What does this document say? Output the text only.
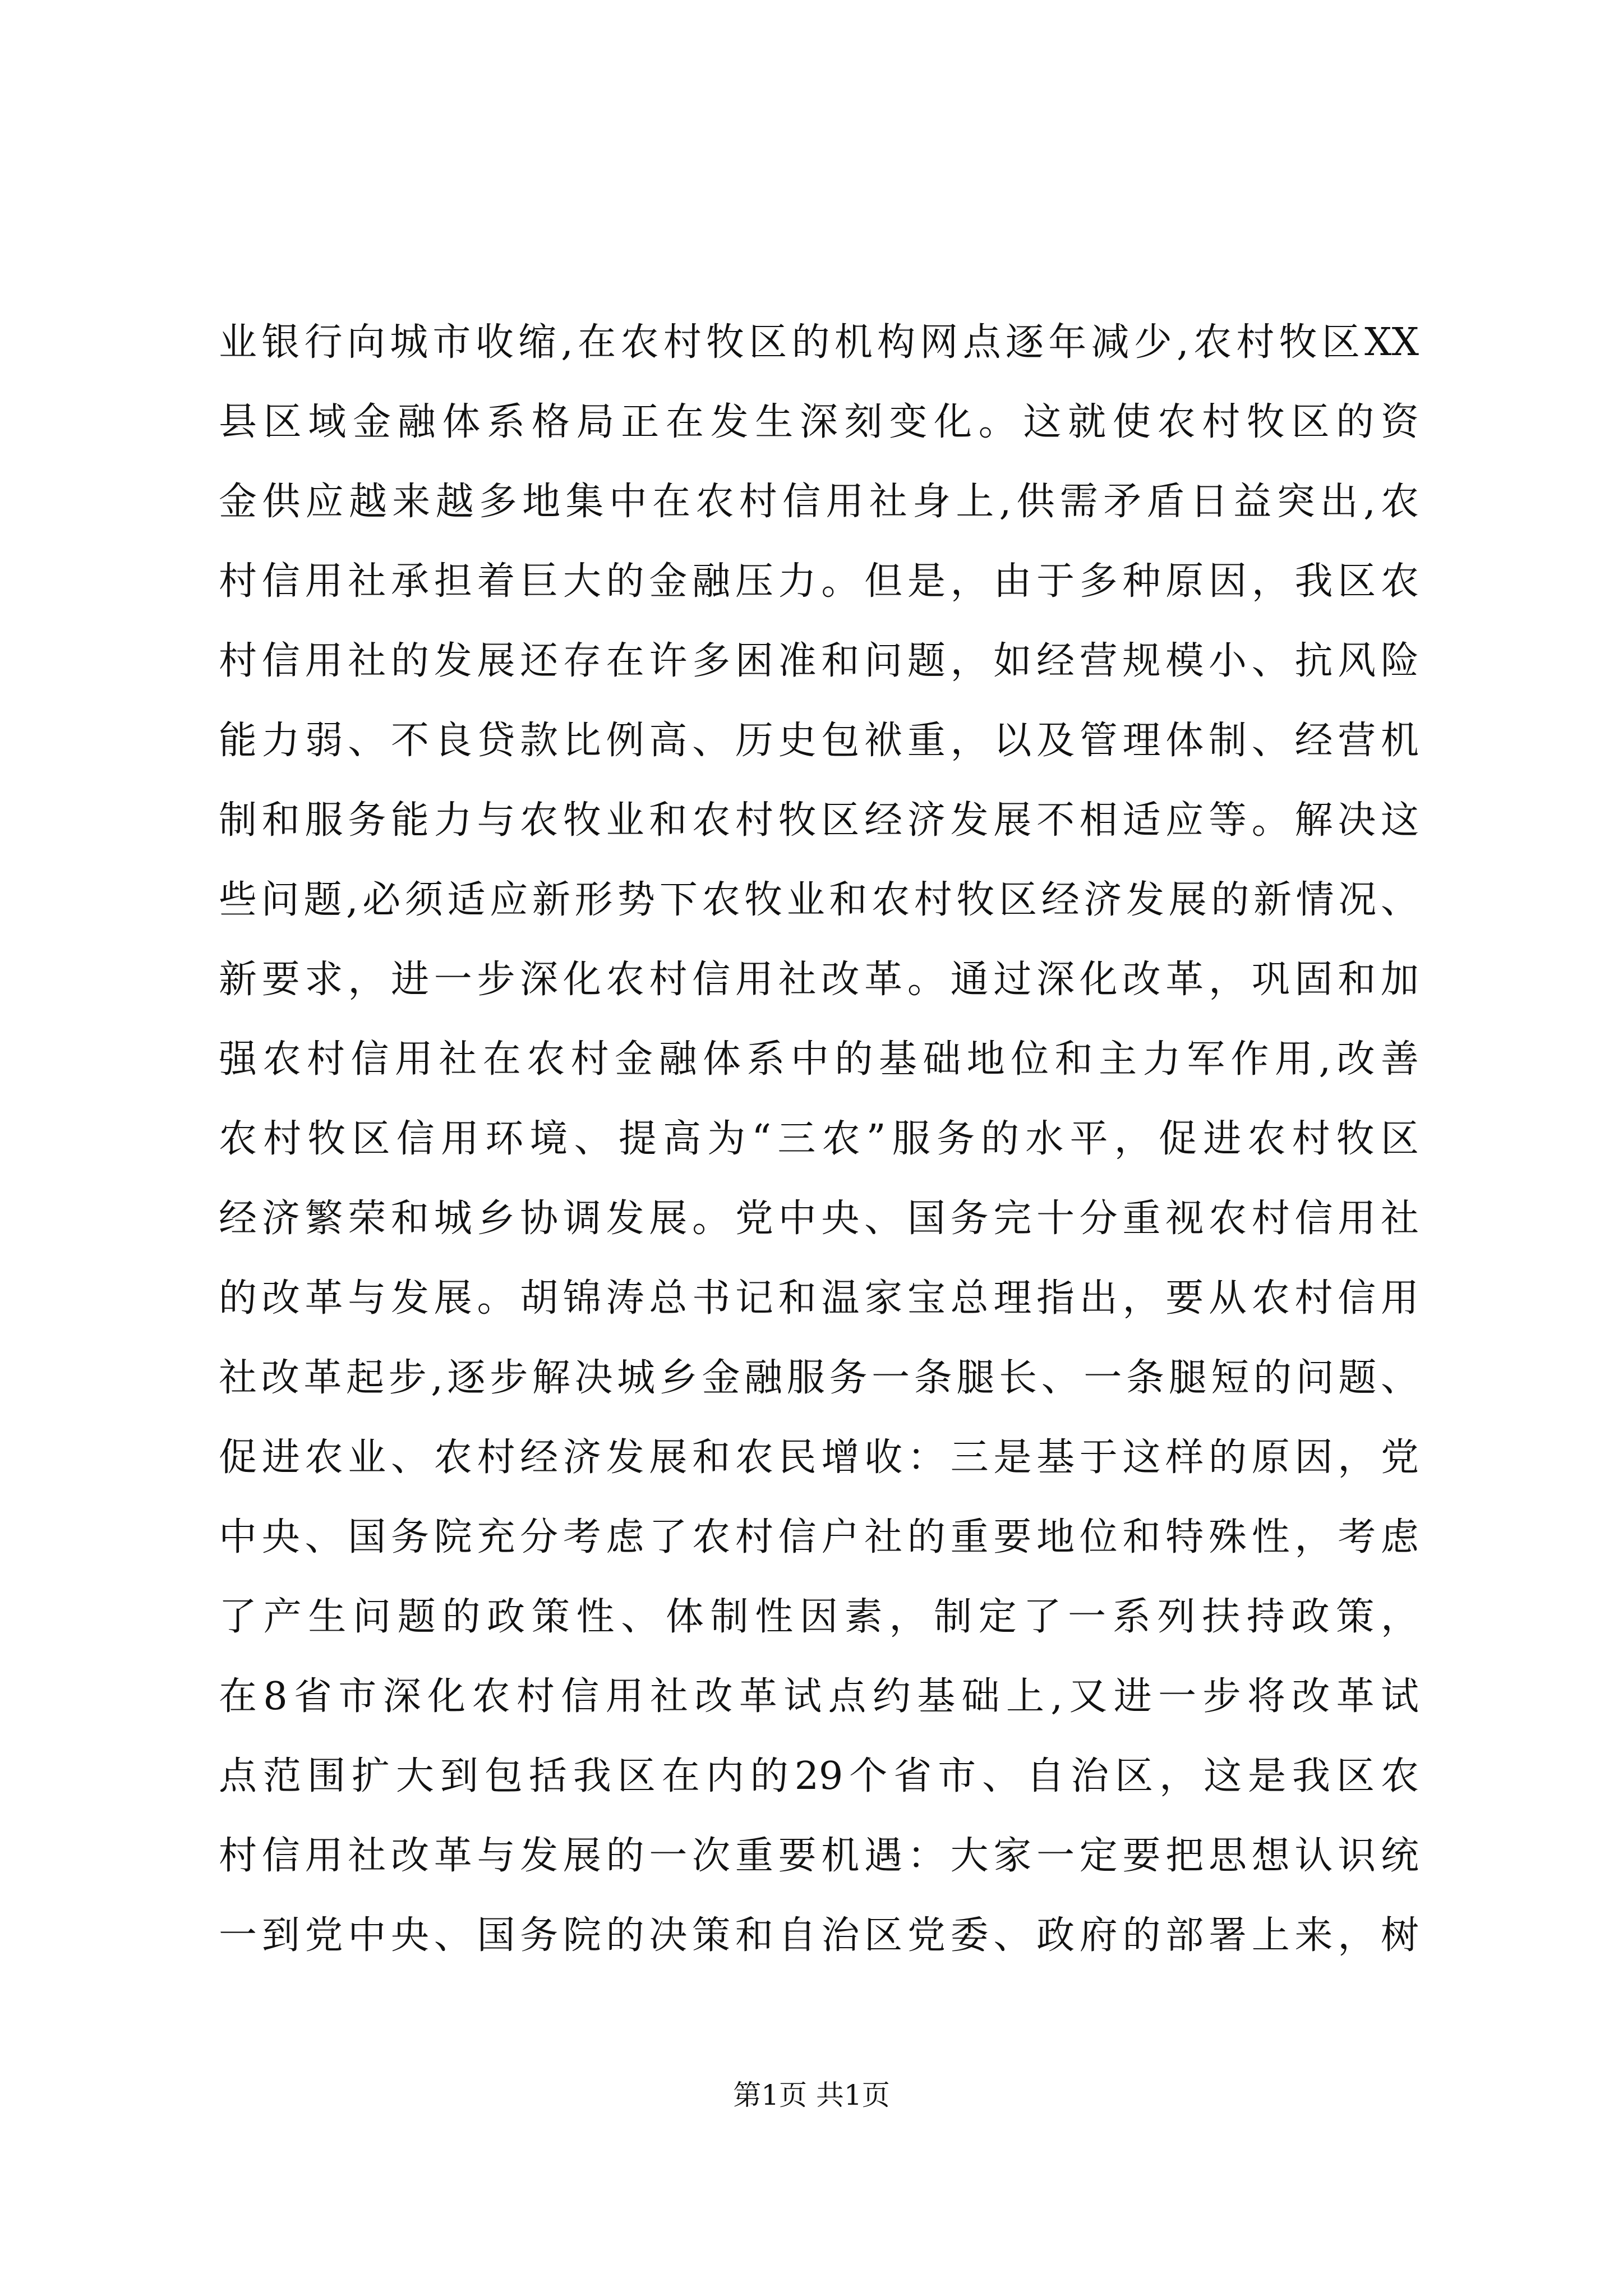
业银行向城市收缩,在农村牧区的机构网点逐年减少,农村牧区XX
县区域金融体系格局正在发生深刻变化。这就使农村牧区的资
金供应越来越多地集中在农村信用社身上,供需矛盾日益突出,农
村信用社承担着巨大的金融压力。但是，由于多种原因，我区农
村信用社的发展还存在许多困准和问题，如经营规模小、抗风险
能力弱、不良贷款比例高、历史包袱重，以及管理体制、经营机
制和服务能力与农牧业和农村牧区经济发展不相适应等。解决这
些问题,必须适应新形势下农牧业和农村牧区经济发展的新情况、
新要求，进一步深化农村信用社改革。通过深化改革，巩固和加
强农村信用社在农村金融体系中的基础地位和主力军作用,改善
农村牧区信用环境、提高为“三农”服务的水平，促进农村牧区
经济繁荣和城乡协调发展。党中央、国务完十分重视农村信用社
的改革与发展。胡锦涛总书记和温家宝总理指出，要从农村信用
社改革起步,逐步解决城乡金融服务一条腿长、一条腿短的问题、
促进农业、农村经济发展和农民增收：三是基于这样的原因，党
中央、国务院充分考虑了农村信户社的重要地位和特殊性，考虑
了产生问题的政策性、体制性因素，制定了一系列扶持政策，
在8省市深化农村信用社改革试点约基础上,又进一步将改革试
点范围扩大到包括我区在内的29个省市、自治区，这是我区农
村信用社改革与发展的一次重要机遇：大家一定要把思想认识统
一到党中央、国务院的决策和自治区党委、政府的部署上来，树
第1页 共1页
